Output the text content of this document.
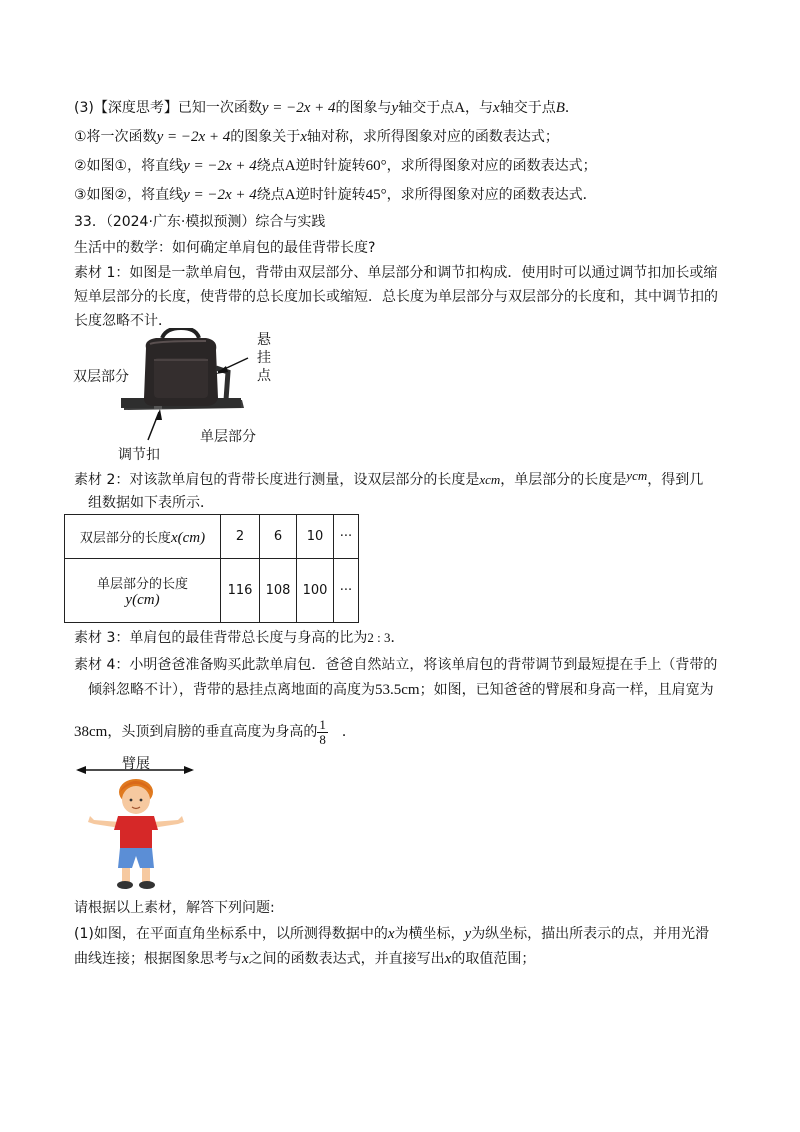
(3)【深度思考】已知一次函数y = −2x + 4的图象与y轴交于点A，与x轴交于点B．
①将一次函数y = −2x + 4的图象关于x轴对称，求所得图象对应的函数表达式；
②如图①，将直线y = −2x + 4绕点A逆时针旋转60°，求所得图象对应的函数表达式；
③如图②，将直线y = −2x + 4绕点A逆时针旋转45°，求所得图象对应的函数表达式．
33．（2024·广东·模拟预测）综合与实践
生活中的数学：如何确定单肩包的最佳背带长度?
素材 1：如图是一款单肩包，背带由双层部分、单层部分和调节扣构成．使用时可以通过调节扣加长或缩
短单层部分的长度，使背带的总长度加长或缩短．总长度为单层部分与双层部分的长度和，其中调节扣的
长度忽略不计．
双层部分
悬
挂
点
单层部分
调节扣
素材 2：对该款单肩包的背带长度进行测量，设双层部分的长度是xcm，单层部分的长度是ycm，得到几
组数据如下表所示．
双层部分的长度x(cm)	2	6	10	···

单层部分的长度
y(cm)	116	108	100	···
素材 3：单肩包的最佳背带总长度与身高的比为2 : 3．
素材 4：小明爸爸准备购买此款单肩包．爸爸自然站立，将该单肩包的背带调节到最短提在手上（背带的
倾斜忽略不计），背带的悬挂点离地面的高度为53.5cm；如图，已知爸爸的臂展和身高一样，且肩宽为
38cm，头顶到肩膀的垂直高度为身高的 $\frac{1}{8}$ ．
臂展
请根据以上素材，解答下列问题:
(1)如图，在平面直角坐标系中，以所测得数据中的x为横坐标，y为纵坐标，描出所表示的点，并用光滑
曲线连接；根据图象思考与x之间的函数表达式，并直接写出x的取值范围；
